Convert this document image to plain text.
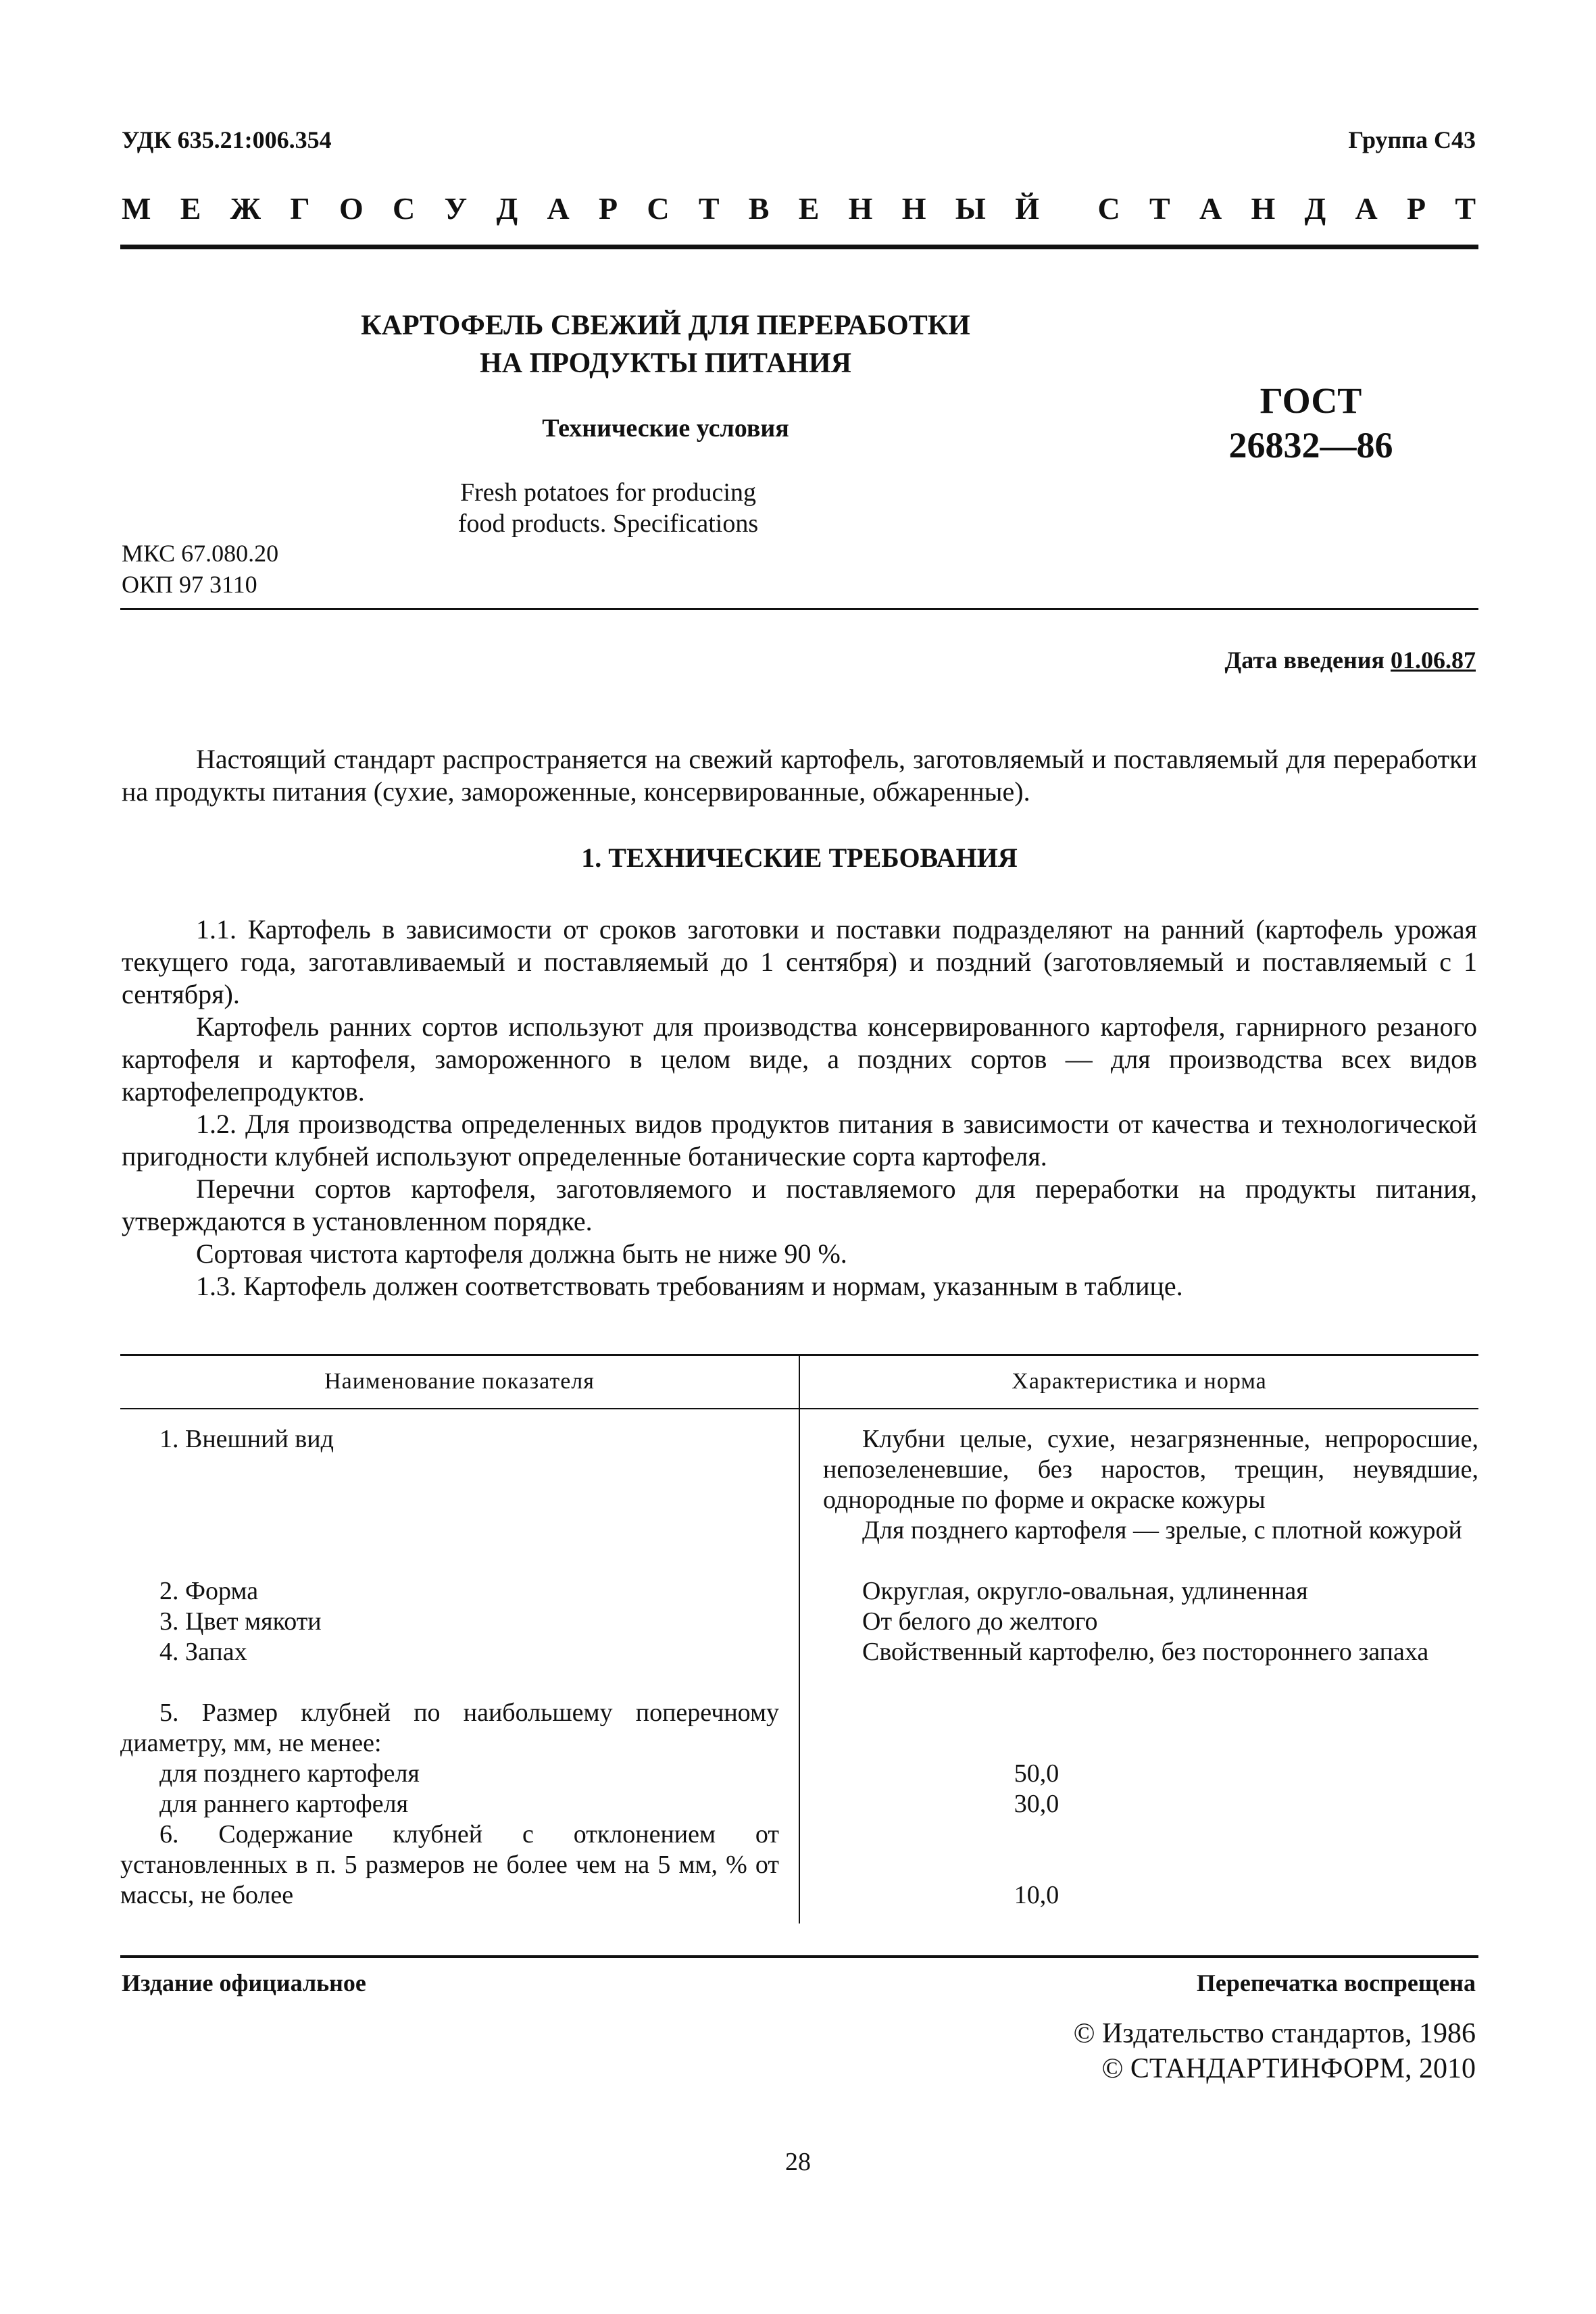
УДК 635.21:006.354	Группа С43
М Е Ж Г О С У Д А Р С Т В Е Н Н Ы Й С Т А Н Д А Р Т
КАРТОФЕЛЬ СВЕЖИЙ ДЛЯ ПЕРЕРАБОТКИ
НА ПРОДУКТЫ ПИТАНИЯ
Технические условия
ГОСТ
26832—86
Fresh potatoes for producing
food products. Specifications
МКС 67.080.20
ОКП 97 3110
Дата введения 01.06.87
Настоящий стандарт распространяется на свежий картофель, заготовляемый и поставляемый для переработки на продукты питания (сухие, замороженные, консервированные, обжаренные).
1. ТЕХНИЧЕСКИЕ ТРЕБОВАНИЯ
1.1. Картофель в зависимости от сроков заготовки и поставки подразделяют на ранний (картофель урожая текущего года, заготавливаемый и поставляемый до 1 сентября) и поздний (заготовляемый и поставляемый с 1 сентября).
Картофель ранних сортов используют для производства консервированного картофеля, гарнирного резаного картофеля и картофеля, замороженного в целом виде, а поздних сортов — для производства всех видов картофелепродуктов.
1.2. Для производства определенных видов продуктов питания в зависимости от качества и технологической пригодности клубней используют определенные ботанические сорта картофеля.
Перечни сортов картофеля, заготовляемого и поставляемого для переработки на продукты питания, утверждаются в установленном порядке.
Сортовая чистота картофеля должна быть не ниже 90 %.
1.3. Картофель должен соответствовать требованиям и нормам, указанным в таблице.
Наименование показателя	Характеристика и норма
1. Внешний вид	Клубни целые, сухие, незагрязненные, непроросшие, непозеленевшие, без наростов, трещин, неувядшие, однородные по форме и окраске кожуры
Для позднего картофеля — зрелые, с плотной кожурой
2. Форма	Округлая, округло-овальная, удлиненная
3. Цвет мякоти	От белого до желтого
4. Запах	Свойственный картофелю, без постороннего запаха
5. Размер клубней по наибольшему поперечному диаметру, мм, не менее:
для позднего картофеля	50,0
для раннего картофеля	30,0
6. Содержание клубней с отклонением от установленных в п. 5 размеров не более чем на 5 мм, % от массы, не более	10,0
Издание официальное	Перепечатка воспрещена
© Издательство стандартов, 1986
© СТАНДАРТИНФОРМ, 2010
28
